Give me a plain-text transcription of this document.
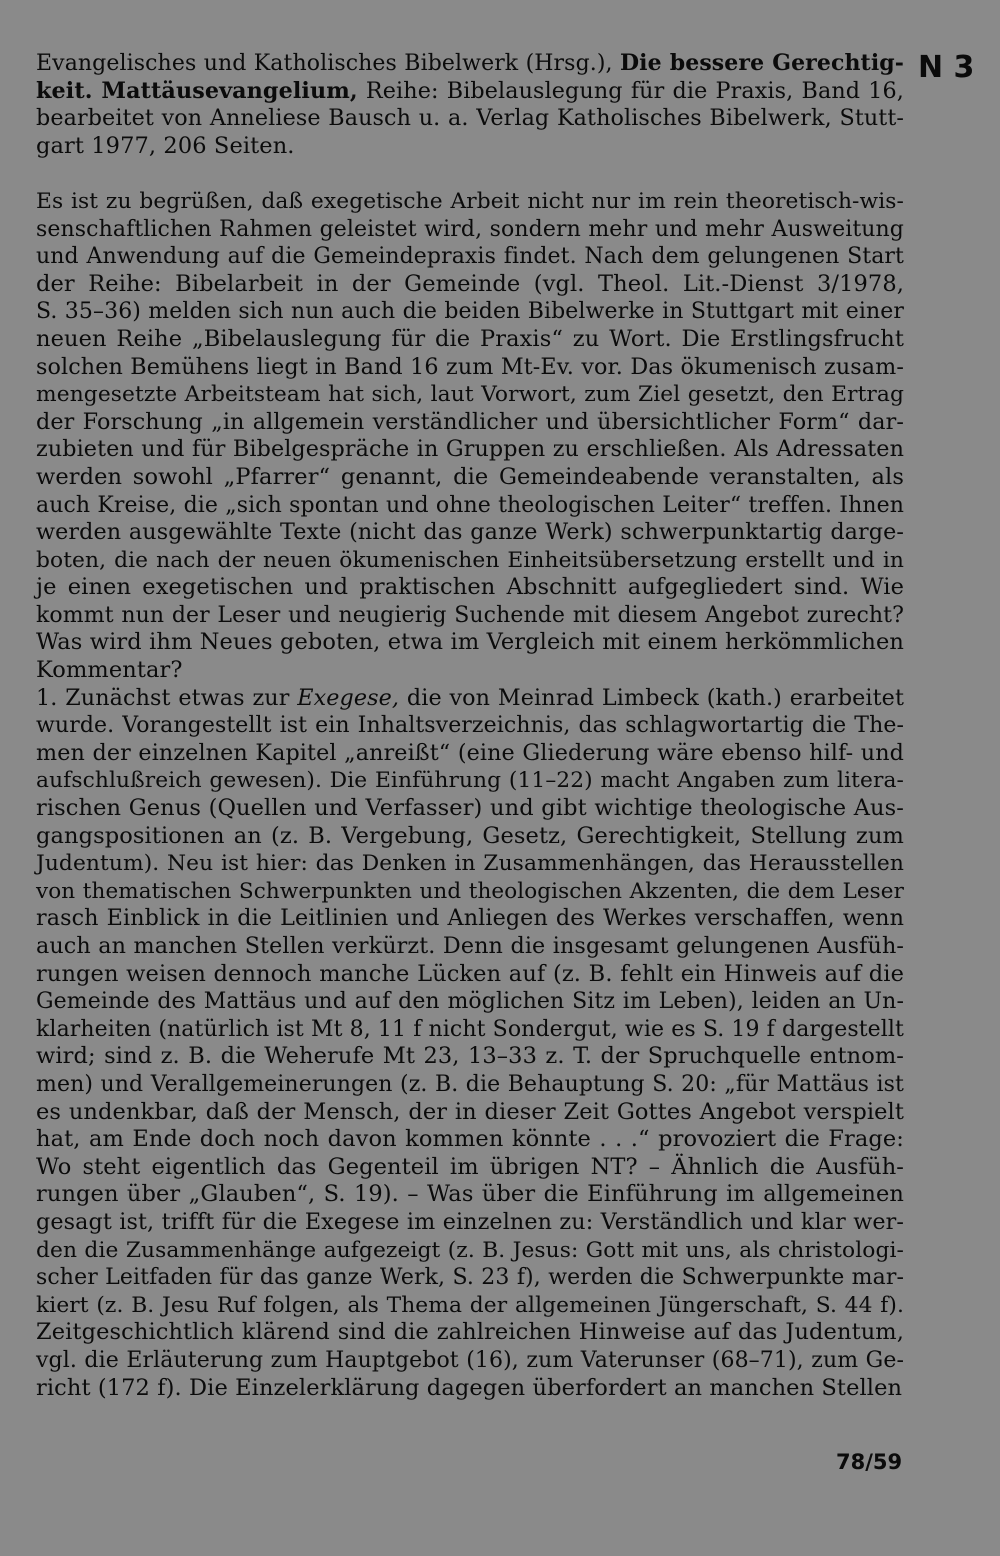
N 3
Evangelisches und Katholisches Bibelwerk (Hrsg.), Die bessere Gerechtig-
keit. Mattäusevangelium, Reihe: Bibelauslegung für die Praxis, Band 16,
bearbeitet von Anneliese Bausch u. a. Verlag Katholisches Bibelwerk, Stutt-
gart 1977, 206 Seiten.
Es ist zu begrüßen, daß exegetische Arbeit nicht nur im rein theoretisch-wis-
senschaftlichen Rahmen geleistet wird, sondern mehr und mehr Ausweitung
und Anwendung auf die Gemeindepraxis findet. Nach dem gelungenen Start
der Reihe: Bibelarbeit in der Gemeinde (vgl. Theol. Lit.-Dienst 3/1978,
S. 35–36) melden sich nun auch die beiden Bibelwerke in Stuttgart mit einer
neuen Reihe „Bibelauslegung für die Praxis“ zu Wort. Die Erstlingsfrucht
solchen Bemühens liegt in Band 16 zum Mt-Ev. vor. Das ökumenisch zusam-
mengesetzte Arbeitsteam hat sich, laut Vorwort, zum Ziel gesetzt, den Ertrag
der Forschung „in allgemein verständlicher und übersichtlicher Form“ dar-
zubieten und für Bibelgespräche in Gruppen zu erschließen. Als Adressaten
werden sowohl „Pfarrer“ genannt, die Gemeindeabende veranstalten, als
auch Kreise, die „sich spontan und ohne theologischen Leiter“ treffen. Ihnen
werden ausgewählte Texte (nicht das ganze Werk) schwerpunktartig darge-
boten, die nach der neuen ökumenischen Einheitsübersetzung erstellt und in
je einen exegetischen und praktischen Abschnitt aufgegliedert sind. Wie
kommt nun der Leser und neugierig Suchende mit diesem Angebot zurecht?
Was wird ihm Neues geboten, etwa im Vergleich mit einem herkömmlichen
Kommentar?
1. Zunächst etwas zur Exegese, die von Meinrad Limbeck (kath.) erarbeitet
wurde. Vorangestellt ist ein Inhaltsverzeichnis, das schlagwortartig die The-
men der einzelnen Kapitel „anreißt“ (eine Gliederung wäre ebenso hilf- und
aufschlußreich gewesen). Die Einführung (11–22) macht Angaben zum litera-
rischen Genus (Quellen und Verfasser) und gibt wichtige theologische Aus-
gangspositionen an (z. B. Vergebung, Gesetz, Gerechtigkeit, Stellung zum
Judentum). Neu ist hier: das Denken in Zusammenhängen, das Herausstellen
von thematischen Schwerpunkten und theologischen Akzenten, die dem Leser
rasch Einblick in die Leitlinien und Anliegen des Werkes verschaffen, wenn
auch an manchen Stellen verkürzt. Denn die insgesamt gelungenen Ausfüh-
rungen weisen dennoch manche Lücken auf (z. B. fehlt ein Hinweis auf die
Gemeinde des Mattäus und auf den möglichen Sitz im Leben), leiden an Un-
klarheiten (natürlich ist Mt 8, 11 f nicht Sondergut, wie es S. 19 f dargestellt
wird; sind z. B. die Weherufe Mt 23, 13–33 z. T. der Spruchquelle entnom-
men) und Verallgemeinerungen (z. B. die Behauptung S. 20: „für Mattäus ist
es undenkbar, daß der Mensch, der in dieser Zeit Gottes Angebot verspielt
hat, am Ende doch noch davon kommen könnte . . .“ provoziert die Frage:
Wo steht eigentlich das Gegenteil im übrigen NT? – Ähnlich die Ausfüh-
rungen über „Glauben“, S. 19). – Was über die Einführung im allgemeinen
gesagt ist, trifft für die Exegese im einzelnen zu: Verständlich und klar wer-
den die Zusammenhänge aufgezeigt (z. B. Jesus: Gott mit uns, als christologi-
scher Leitfaden für das ganze Werk, S. 23 f), werden die Schwerpunkte mar-
kiert (z. B. Jesu Ruf folgen, als Thema der allgemeinen Jüngerschaft, S. 44 f).
Zeitgeschichtlich klärend sind die zahlreichen Hinweise auf das Judentum,
vgl. die Erläuterung zum Hauptgebot (16), zum Vaterunser (68–71), zum Ge-
richt (172 f). Die Einzelerklärung dagegen überfordert an manchen Stellen
78/59
